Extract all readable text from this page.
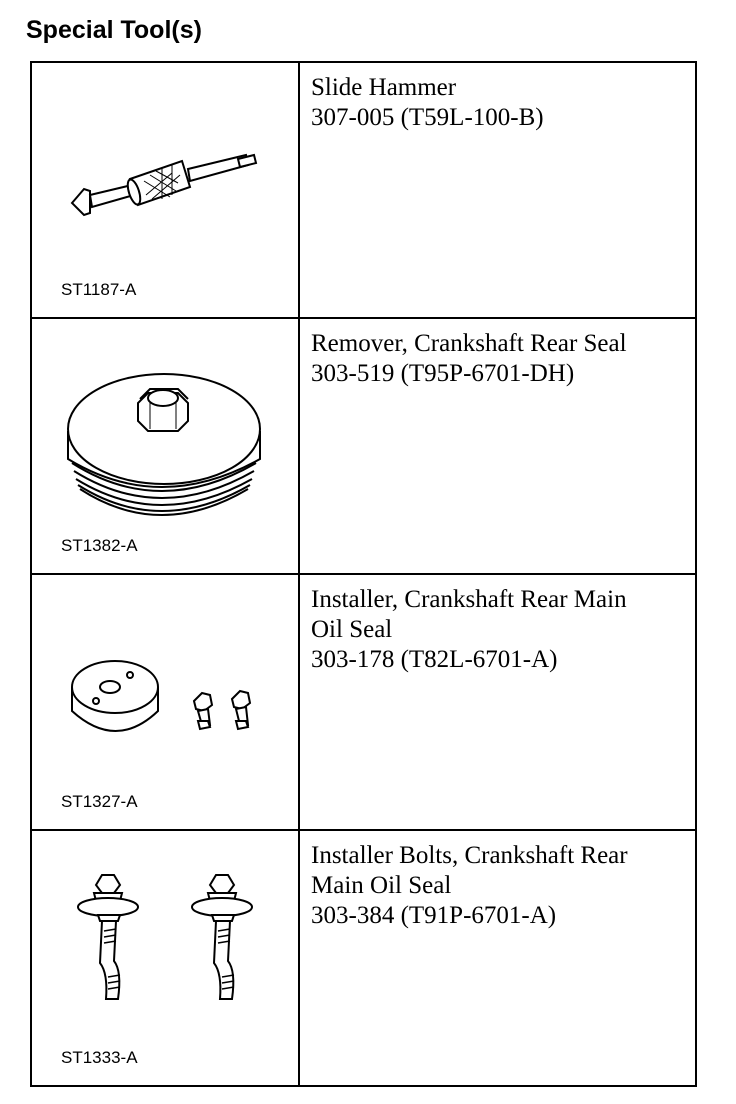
Special Tool(s)
ST1187-A	Slide Hammer
307-005 (T59L-100-B)

ST1382-A	Remover, Crankshaft Rear Seal
303-519 (T95P-6701-DH)

ST1327-A	Installer, Crankshaft Rear Main
Oil Seal
303-178 (T82L-6701-A)

ST1333-A	Installer Bolts, Crankshaft Rear
Main Oil Seal
303-384 (T91P-6701-A)
